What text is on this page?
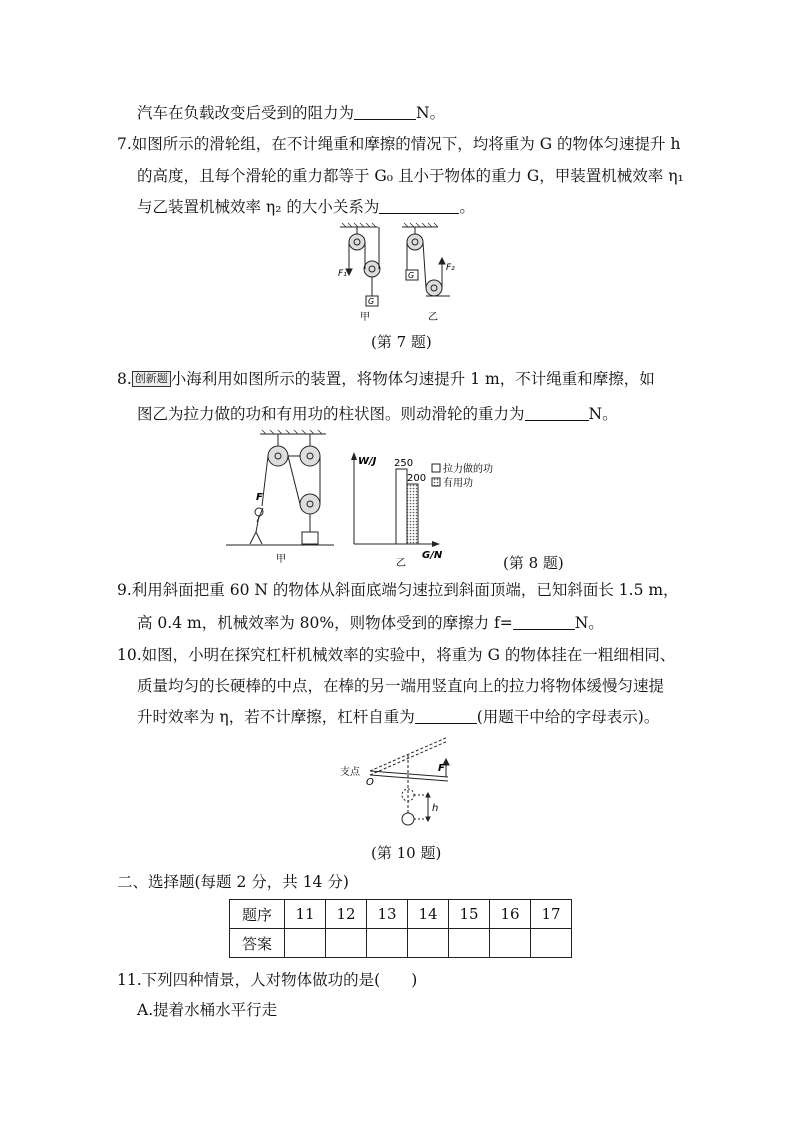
汽车在负载改变后受到的阻力为	N。
7.如图所示的滑轮组，在不计绳重和摩擦的情况下，均将重为 G 的物体匀速提升 h
的高度，且每个滑轮的重力都等于 G₀ 且小于物体的重力 G，甲装置机械效率 η₁
与乙装置机械效率 η₂ 的大小关系为	。
F₁
G
G
F₂
甲	乙
(第 7 题)
8. 创新题 小海利用如图所示的装置，将物体匀速提升 1 m，不计绳重和摩擦，如
图乙为拉力做的功和有用功的柱状图。则动滑轮的重力为	N。
F
甲
250
200
W/J
G/N
乙
拉力做的功
有用功
(第 8 题)
9.利用斜面把重 60 N 的物体从斜面底端匀速拉到斜面顶端，已知斜面长 1.5 m，
高 0.4 m，机械效率为 80%，则物体受到的摩擦力 f=	N。
10.如图，小明在探究杠杆机械效率的实验中，将重为 G 的物体挂在一粗细相同、
质量均匀的长硬棒的中点，在棒的另一端用竖直向上的拉力将物体缓慢匀速提
升时效率为 η，若不计摩擦，杠杆自重为	(用题干中给的字母表示)。
支点
O
F
h
(第 10 题)
二、选择题(每题 2 分，共 14 分)
题序	11	12	13	14	15	16	17
答案							
11.下列四种情景，人对物体做功的是(　　)
A.提着水桶水平行走
